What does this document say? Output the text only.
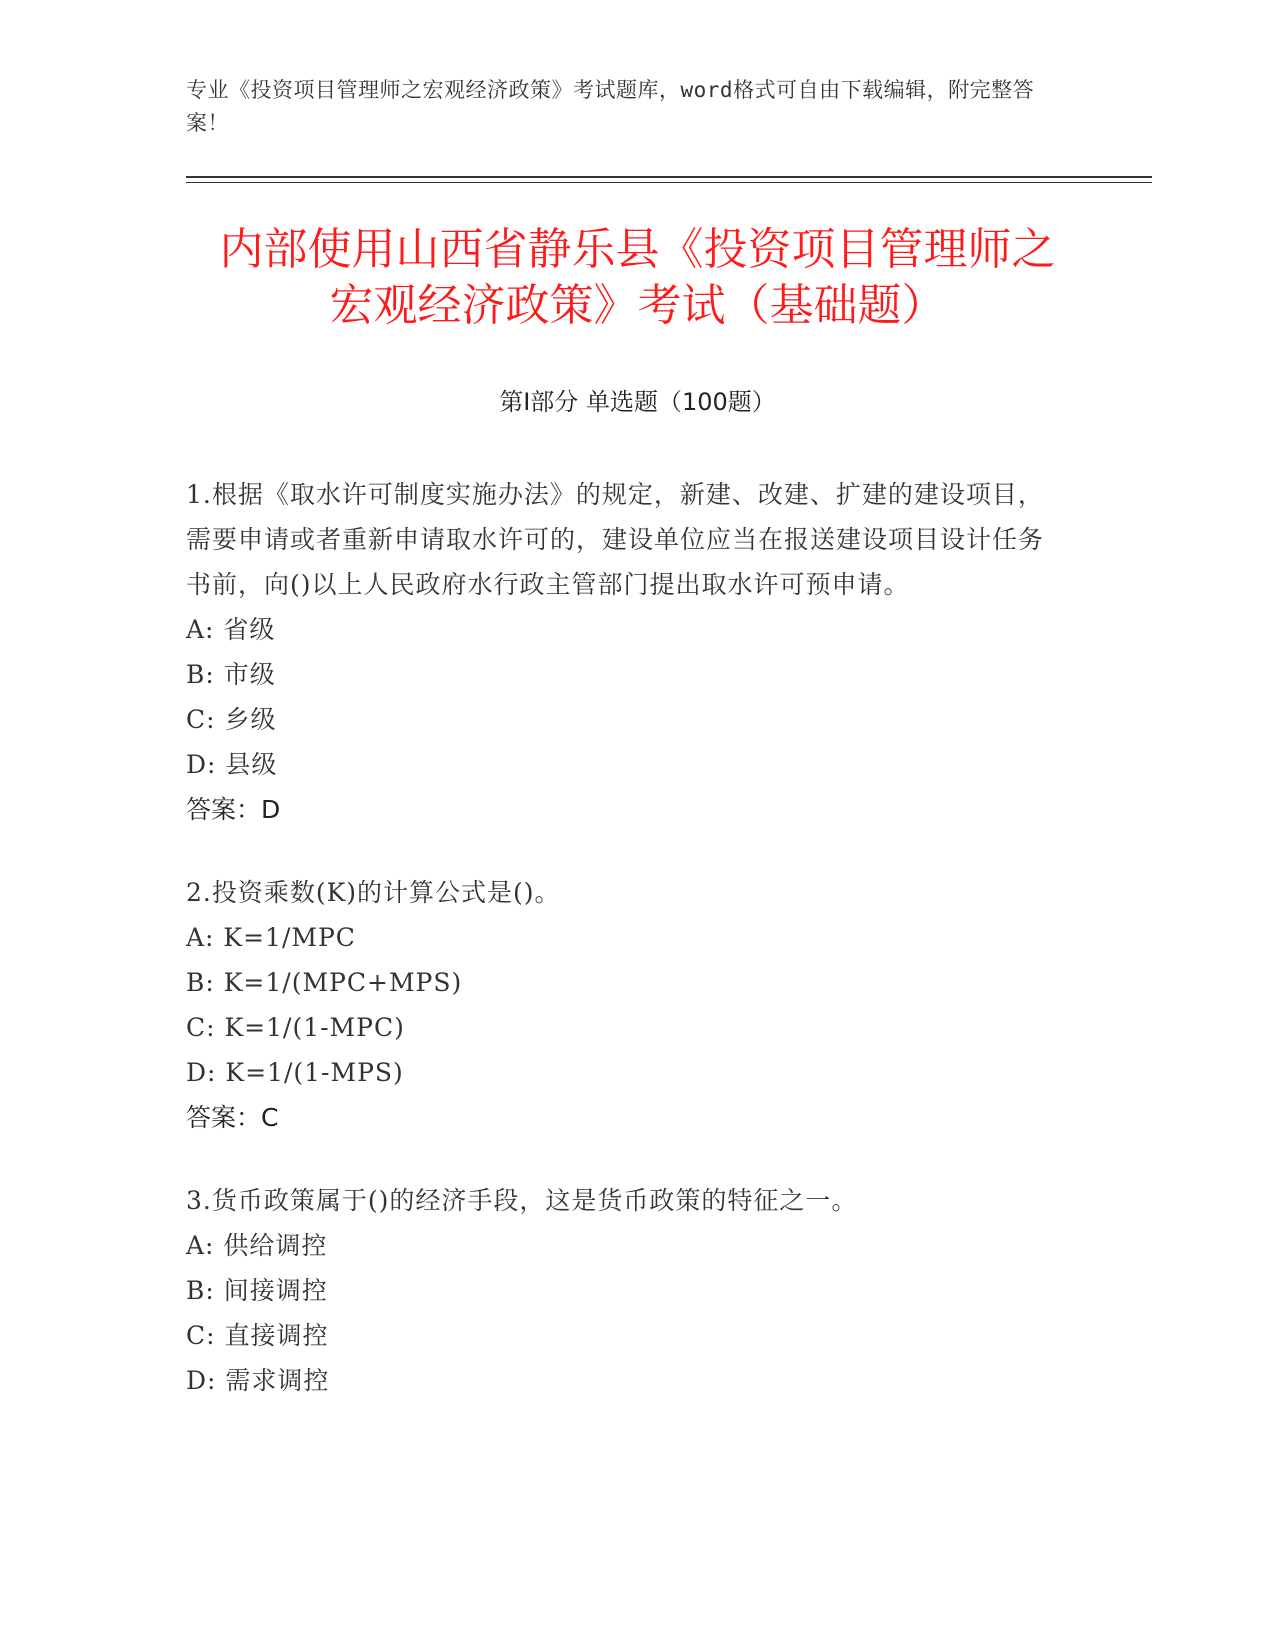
专业《投资项目管理师之宏观经济政策》考试题库，word格式可自由下载编辑，附完整答案！
内部使用山西省静乐县《投资项目管理师之
宏观经济政策》考试（基础题）
第Ⅰ部分 单选题（100题）
1.根据《取水许可制度实施办法》的规定，新建、改建、扩建的建设项目，需要申请或者重新申请取水许可的，建设单位应当在报送建设项目设计任务书前，向()以上人民政府水行政主管部门提出取水许可预申请。
A: 省级
B: 市级
C: 乡级
D: 县级
答案：D
2.投资乘数(K)的计算公式是()。
A: K=1/MPC
B: K=1/(MPC+MPS)
C: K=1/(1-MPC)
D: K=1/(1-MPS)
答案：C
3.货币政策属于()的经济手段，这是货币政策的特征之一。
A: 供给调控
B: 间接调控
C: 直接调控
D: 需求调控
